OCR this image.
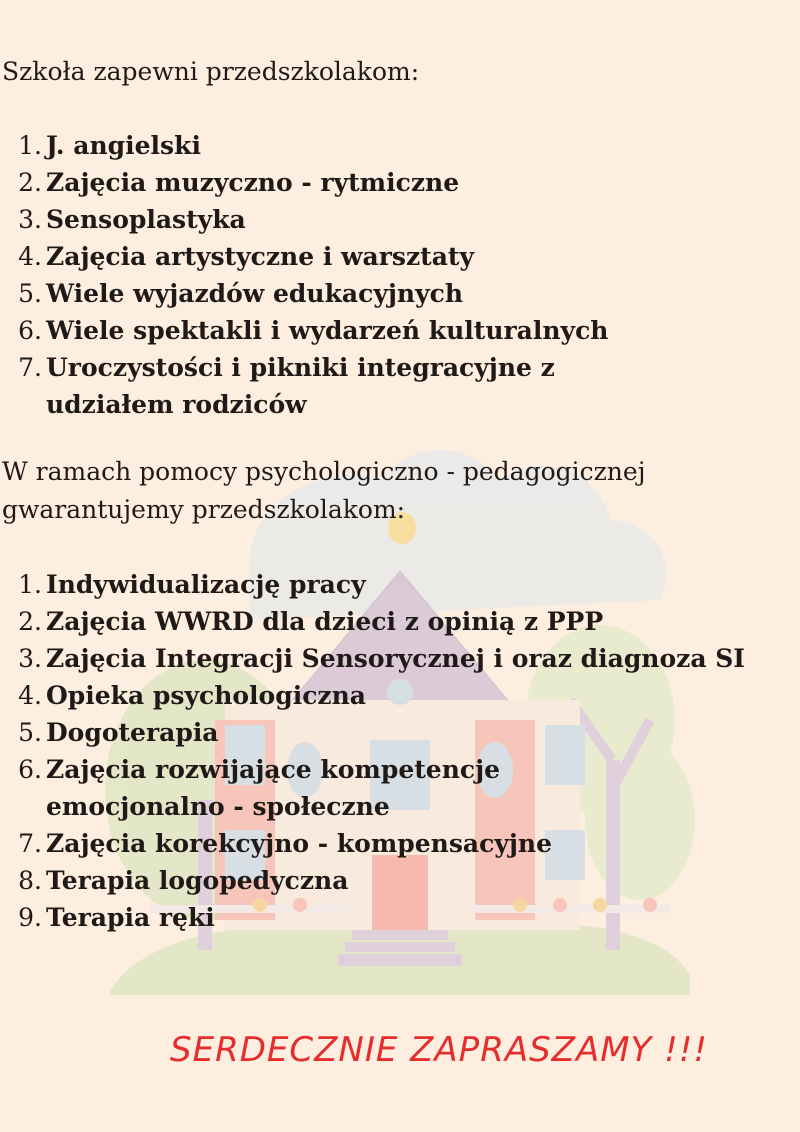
Szkoła zapewni przedszkolakom:
1. J. angielski
2. Zajęcia muzyczno - rytmiczne
3. Sensoplastyka
4. Zajęcia artystyczne i warsztaty
5. Wiele wyjazdów edukacyjnych
6. Wiele spektakli i wydarzeń kulturalnych
7. Uroczystości i pikniki integracyjne z udziałem rodziców
W ramach pomocy psychologiczno - pedagogicznej
gwarantujemy przedszkolakom:
1. Indywidualizację pracy
2. Zajęcia WWRD dla dzieci z opinią z PPP
3. Zajęcia Integracji Sensorycznej i oraz diagnoza SI
4. Opieka psychologiczna
5. Dogoterapia
6. Zajęcia rozwijające kompetencje emocjonalno - społeczne
7. Zajęcia korekcyjno - kompensacyjne
8. Terapia logopedyczna
9. Terapia ręki
SERDECZNIE ZAPRASZAMY !!!
